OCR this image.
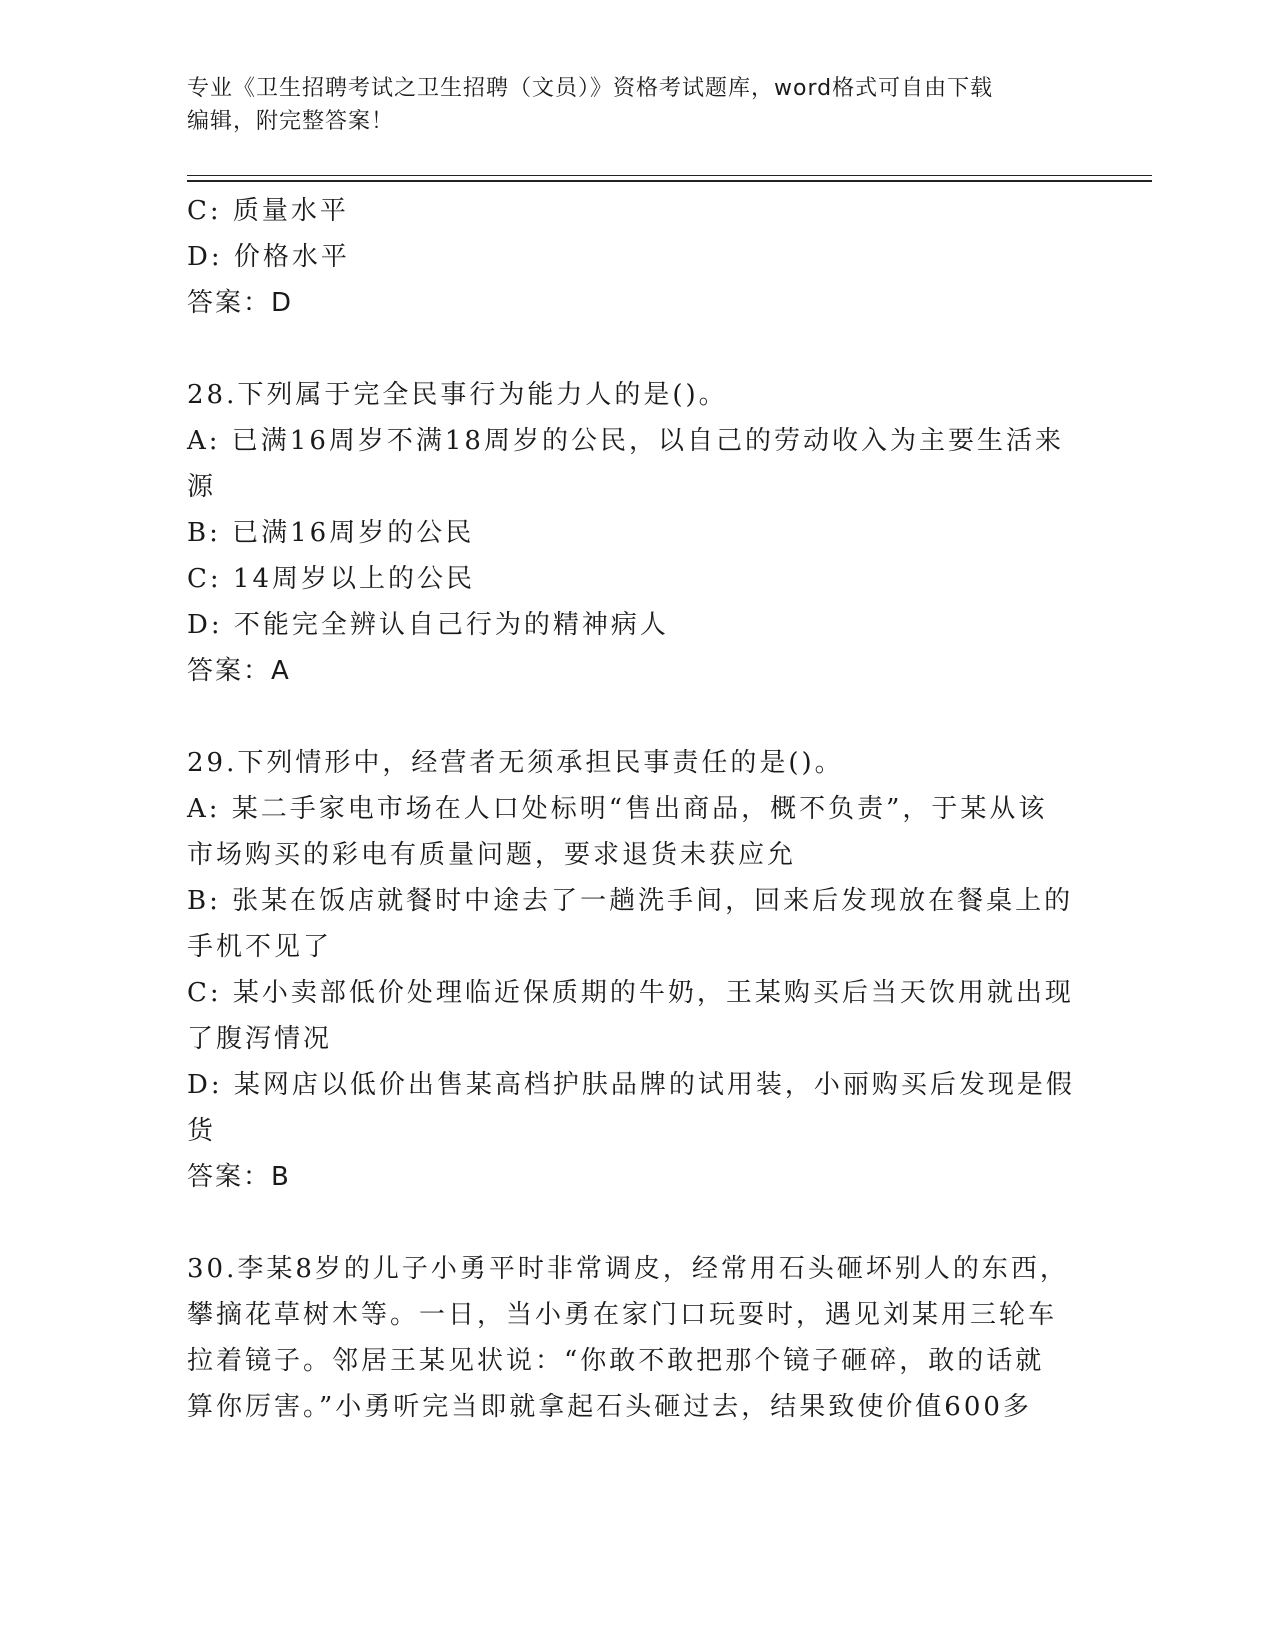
专业《卫生招聘考试之卫生招聘（文员）》资格考试题库，word格式可自由下载
编辑，附完整答案！
C: 质量水平
D: 价格水平
答案：D
28.下列属于完全民事行为能力人的是()。
A: 已满16周岁不满18周岁的公民，以自己的劳动收入为主要生活来
源
B: 已满16周岁的公民
C: 14周岁以上的公民
D: 不能完全辨认自己行为的精神病人
答案：A
29.下列情形中，经营者无须承担民事责任的是()。
A: 某二手家电市场在人口处标明“售出商品，概不负责”，于某从该
市场购买的彩电有质量问题，要求退货未获应允
B: 张某在饭店就餐时中途去了一趟洗手间，回来后发现放在餐桌上的
手机不见了
C: 某小卖部低价处理临近保质期的牛奶，王某购买后当天饮用就出现
了腹泻情况
D: 某网店以低价出售某高档护肤品牌的试用装，小丽购买后发现是假
货
答案：B
30.李某8岁的儿子小勇平时非常调皮，经常用石头砸坏别人的东西，
攀摘花草树木等。一日，当小勇在家门口玩耍时，遇见刘某用三轮车
拉着镜子。邻居王某见状说：“你敢不敢把那个镜子砸碎，敢的话就
算你厉害。”小勇听完当即就拿起石头砸过去，结果致使价值600多
